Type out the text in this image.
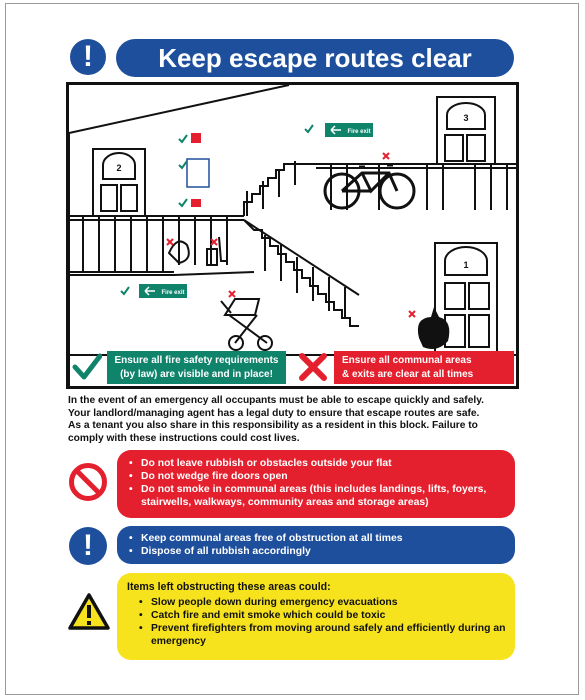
!	Keep escape routes clear
2
3
1
Fire exit
Fire exit
Ensure all fire safety requirements
(by law) are visible and in place!
Ensure all communal areas
& exits are clear at all times

In the event of an emergency all occupants must be able to escape quickly and safely.

Your landlord/managing agent has a legal duty to ensure that escape routes are safe.

As a tenant you also share in this responsibility as a resident in this block. Failure to

comply with these instructions could cost lives.

• Do not leave rubbish or obstacles outside your flat
• Do not wedge fire doors open
• Do not smoke in communal areas (this includes landings, lifts, foyers, stairwells, walkways, community areas and storage areas)
!
•	Keep communal areas free of obstruction at all times
• Dispose of all rubbish accordingly
Items left obstructing these areas could:
• Slow people down during emergency evacuations
• Catch fire and emit smoke which could be toxic
• Prevent firefighters from moving around safely and efficiently during an emergency
